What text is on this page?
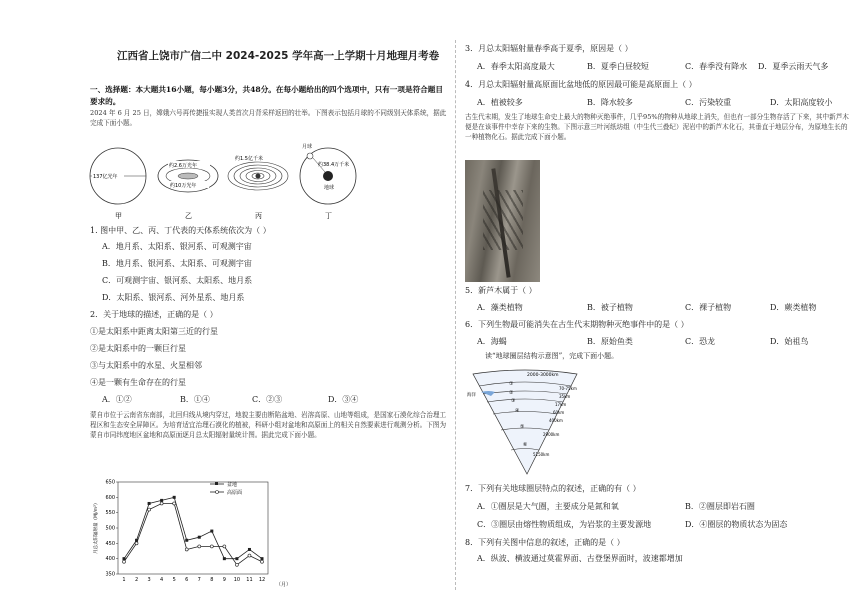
江西省上饶市广信二中 2024-2025 学年高一上学期十月地理月考卷
一、选择题：本大题共16小题，每小题3分，共48分。在每小题给出的四个选项中，只有一项是符合题目要求的。
2024 年 6 月 25 日，嫦娥六号再传捷报实现人类首次月背采样返回的壮举。下图表示包括月球的不同级别天体系统，据此完成下面小题。
137亿光年
约2.6万光年
约10万光年
约1.5亿千米
月球
约38.4万千米
地球
甲	乙	丙	丁
1. 图中甲、乙、丙、丁代表的天体系统依次为（ ）
A．地月系、太阳系、银河系、可观测宇宙
B．地月系、银河系、太阳系、可观测宇宙
C．可观测宇宙、银河系、太阳系、地月系
D．太阳系、银河系、河外星系、地月系
2．关于地球的描述，正确的是（ ）
①是太阳系中距离太阳第三近的行星
②是太阳系中的一颗巨行星
③与太阳系中的水星、火星相邻
④是一颗有生命存在的行星
A．①②	B．①④	C．②③	D．③④
蒙自市位于云南省东南部，北回归线从境内穿过，地貌主要由断陷盆地、岩溶高原、山地等组成，是国家石漠化综合治理工程区和生态安全屏障区。为培育适宜治理石漠化的植被，科研小组对盆地和高原面上的相关自然要素进行观测分析。下图为蒙自市同纬度地区盆地和高原面逐月总太阳辐射量统计图。据此完成下面小题。
350
400
450
500
550
600
650
1 2 3 4 5 6 7 8 9 10 11 12
月总太阳辐射量（MJ/m²）
（月）
盆地
高原面
3．月总太阳辐射量春季高于夏季，原因是（ ）
A．春季太阳高度最大	B．夏季白昼较短	C．春季没有降水 D．夏季云雨天气多
4．月总太阳辐射量高原面比盆地低的原因最可能是高原面上（ ）
A．植被较多	B．降水较多	C．污染较重	D．太阳高度较小
古生代末期，发生了地球生命史上最大的物种灭绝事件，几乎95%的物种从地球上消失，但也有一部分生物存活了下来，其中新芦木便是在该事件中幸存下来的生物。下图示意三叶河纸坊组（中生代三叠纪）泥岩中的新芦木化石，其垂直于地层分布，为原地生长的一种植物化石。据此完成下面小题。
5．新芦木属于（ ）
A．藻类植物	B．被子植物	C．裸子植物	D．蕨类植物
6．下列生物最可能消失在古生代末期物种灭绝事件中的是（ ）
A．海蝎	B．原始鱼类	C．恐龙	D．始祖鸟
读“地球圈层结构示意图”，完成下面小题。
海洋
2000-3000km
70-75km
35km
17km
60km
400km
2900km
5150km
①
②
③
④
⑤
⑥
7．下列有关地球圈层特点的叙述，正确的有（ ）
A．①圈层是大气圈，主要成分是氮和氧	B．②圈层即岩石圈
C．③圈层由熔性物质组成，为岩浆的主要发源地	D．④圈层的物质状态为固态
8．下列有关图中信息的叙述，正确的是（ ）
A．纵波、横波通过莫霍界面、古登堡界面时，波速都增加
